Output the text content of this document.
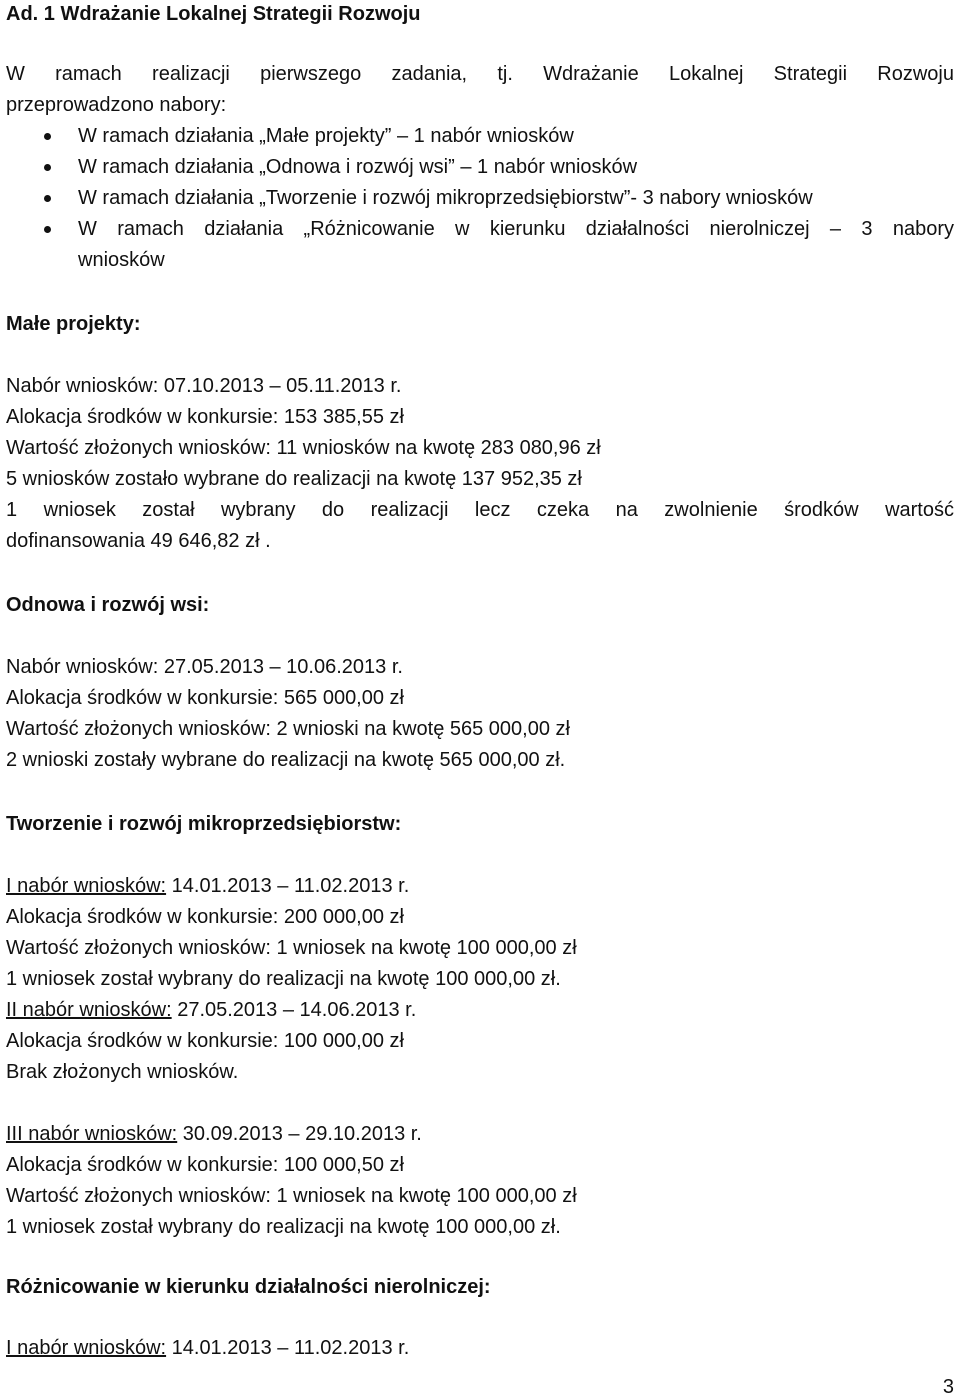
Ad. 1 Wdrażanie Lokalnej Strategii Rozwoju
W ramach realizacji pierwszego zadania, tj. Wdrażanie Lokalnej Strategii Rozwoju
przeprowadzono nabory:
W ramach działania „Małe projekty” – 1 nabór wniosków
W ramach działania „Odnowa i rozwój wsi” – 1 nabór wniosków
W ramach działania „Tworzenie i rozwój mikroprzedsiębiorstw”- 3 nabory wniosków
W ramach działania „Różnicowanie w kierunku działalności nierolniczej – 3 nabory
wniosków
Małe projekty:
Nabór wniosków: 07.10.2013 – 05.11.2013 r.
Alokacja środków w konkursie: 153 385,55 zł
Wartość złożonych wniosków: 11 wniosków na kwotę 283 080,96 zł
5 wniosków zostało wybrane do realizacji na kwotę 137 952,35 zł
1 wniosek został wybrany do realizacji lecz czeka na zwolnienie środków wartość
dofinansowania 49 646,82 zł .
Odnowa i rozwój wsi:
Nabór wniosków: 27.05.2013 – 10.06.2013 r.
Alokacja środków w konkursie: 565 000,00 zł
Wartość złożonych wniosków: 2 wnioski na kwotę 565 000,00 zł
2 wnioski zostały wybrane do realizacji na kwotę 565 000,00 zł.
Tworzenie i rozwój mikroprzedsiębiorstw:
I nabór wniosków: 14.01.2013 – 11.02.2013 r.
Alokacja środków w konkursie: 200 000,00 zł
Wartość złożonych wniosków: 1 wniosek na kwotę 100 000,00 zł
1 wniosek został wybrany do realizacji na kwotę 100 000,00 zł.
II nabór wniosków: 27.05.2013 – 14.06.2013 r.
Alokacja środków w konkursie: 100 000,00 zł
Brak złożonych wniosków.
III nabór wniosków: 30.09.2013 – 29.10.2013 r.
Alokacja środków w konkursie: 100 000,50 zł
Wartość złożonych wniosków: 1 wniosek na kwotę 100 000,00 zł
1 wniosek został wybrany do realizacji na kwotę 100 000,00 zł.
Różnicowanie w kierunku działalności nierolniczej:
I nabór wniosków: 14.01.2013 – 11.02.2013 r.
3
